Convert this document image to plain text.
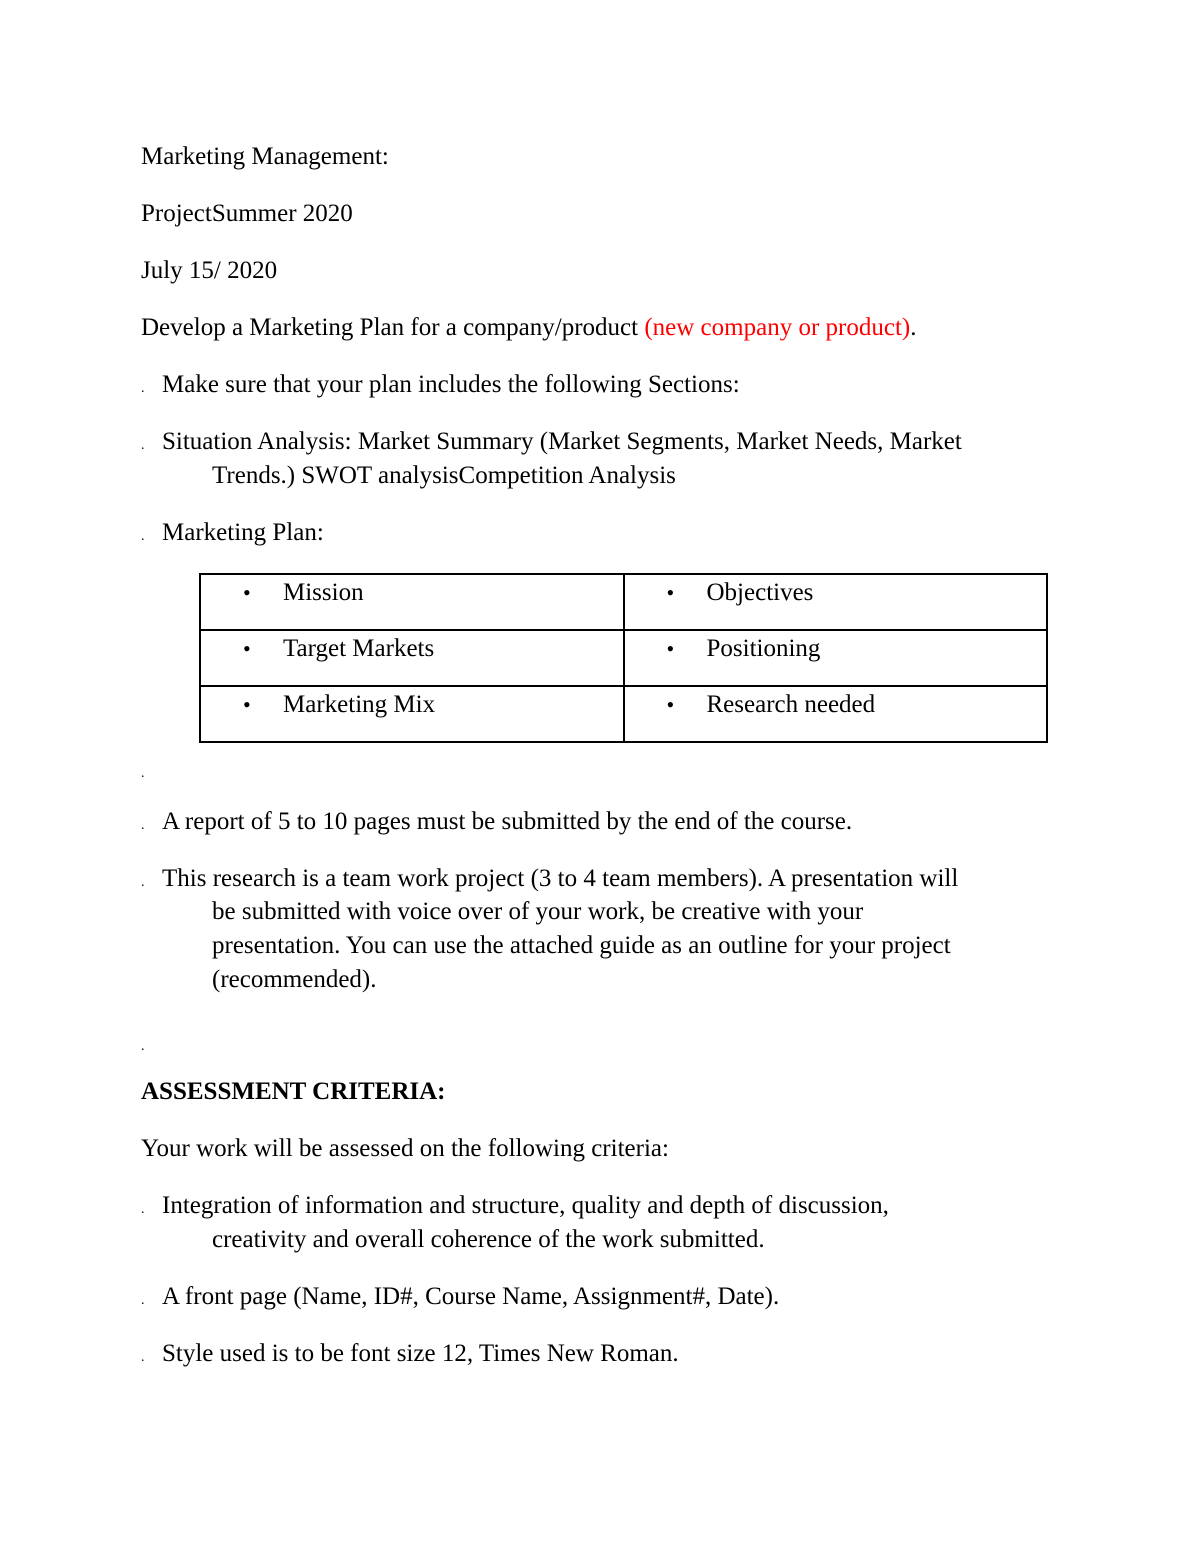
Marketing Management:
ProjectSummer 2020
July 15/ 2020
Develop a Marketing Plan for a company/product (new company or product).
. Make sure that your plan includes the following Sections:
. Situation Analysis: Market Summary (Market Segments, Market Needs, Market
Trends.) SWOT analysisCompetition Analysis
. Marketing Plan:
• Mission	• Objectives

• Target Markets	• Positioning

• Marketing Mix	• Research needed
.
. A report of 5 to 10 pages must be submitted by the end of the course.
. This research is a team work project (3 to 4 team members). A presentation will
be submitted with voice over of your work, be creative with your
presentation. You can use the attached guide as an outline for your project
(recommended).
.
ASSESSMENT CRITERIA:
Your work will be assessed on the following criteria:
. Integration of information and structure, quality and depth of discussion,
creativity and overall coherence of the work submitted.
. A front page (Name, ID#, Course Name, Assignment#, Date).
. Style used is to be font size 12, Times New Roman.
